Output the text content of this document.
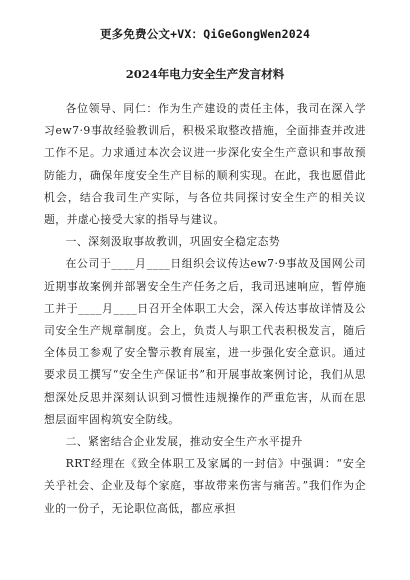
更多免费公文+VX：QiGeGongWen2024
2024年电力安全生产发言材料

各位领导、同仁：作为生产建设的责任主体，我司在深入学习ew7·9事故经验教训后，积极采取整改措施，全面排查并改进工作不足。力求通过本次会议进一步深化安全生产意识和事故预防能力，确保年度安全生产目标的顺利实现。在此，我也愿借此机会，结合我司生产实际，与各位共同探讨安全生产的相关议题，并虚心接受大家的指导与建议。

一、深刻汲取事故教训，巩固安全稳定态势

在公司于____月____日组织会议传达ew7·9事故及国网公司近期事故案例并部署安全生产任务之后，我司迅速响应，暂停施工并于____月____日召开全体职工大会，深入传达事故详情及公司安全生产规章制度。会上，负责人与职工代表积极发言，随后全体员工参观了安全警示教育展室，进一步强化安全意识。通过要求员工撰写“安全生产保证书”和开展事故案例讨论，我们从思想深处反思并深刻认识到习惯性违规操作的严重危害，从而在思想层面牢固构筑安全防线。

二、紧密结合企业发展，推动安全生产水平提升

RRT经理在《致全体职工及家属的一封信》中强调：“安全关乎社会、企业及每个家庭，事故带来伤害与痛苦。”我们作为企业的一份子，无论职位高低，都应承担
